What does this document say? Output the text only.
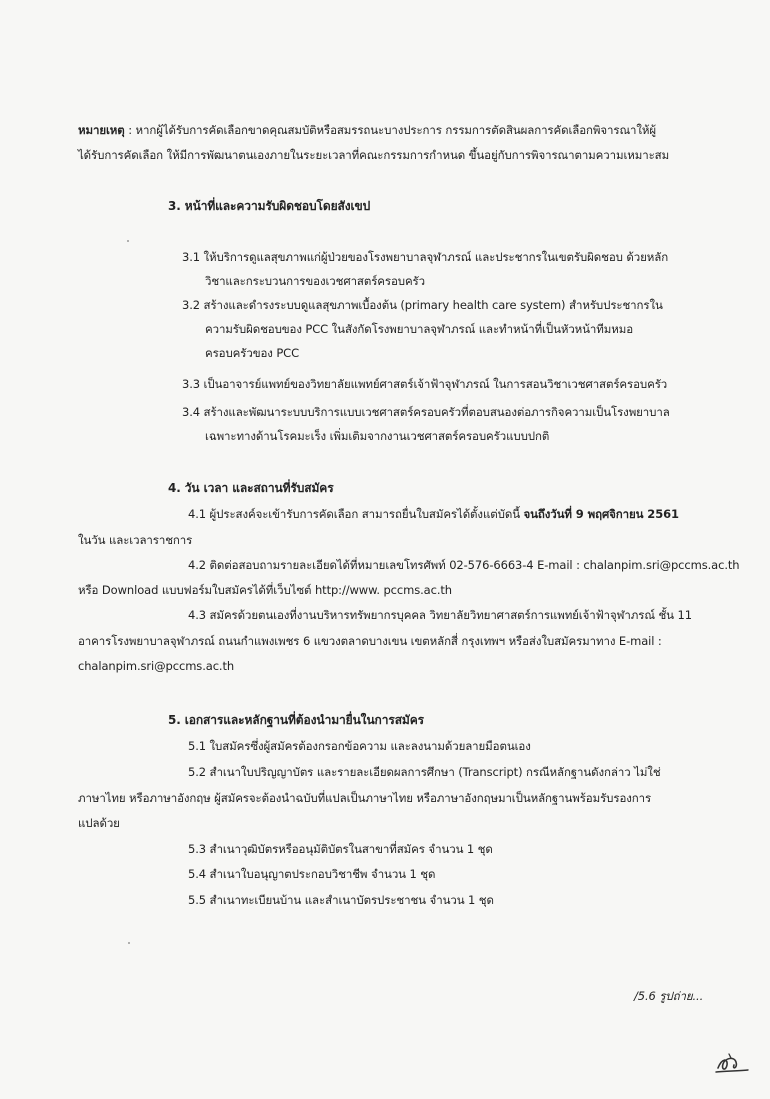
หมายเหตุ : หากผู้ได้รับการคัดเลือกขาดคุณสมบัติหรือสมรรถนะบางประการ กรรมการตัดสินผลการคัดเลือกพิจารณาให้ผู้
ได้รับการคัดเลือก ให้มีการพัฒนาตนเองภายในระยะเวลาที่คณะกรรมการกำหนด ขึ้นอยู่กับการพิจารณาตามความเหมาะสม
3. หน้าที่และความรับผิดชอบโดยสังเขป
3.1 ให้บริการดูแลสุขภาพแก่ผู้ป่วยของโรงพยาบาลจุฬาภรณ์ และประชากรในเขตรับผิดชอบ ด้วยหลัก
วิชาและกระบวนการของเวชศาสตร์ครอบครัว
3.2 สร้างและดำรงระบบดูแลสุขภาพเบื้องต้น (primary health care system) สำหรับประชากรใน
ความรับผิดชอบของ PCC ในสังกัดโรงพยาบาลจุฬาภรณ์ และทำหน้าที่เป็นหัวหน้าทีมหมอ
ครอบครัวของ PCC
3.3 เป็นอาจารย์แพทย์ของวิทยาลัยแพทย์ศาสตร์เจ้าฟ้าจุฬาภรณ์ ในการสอนวิชาเวชศาสตร์ครอบครัว
3.4 สร้างและพัฒนาระบบบริการแบบเวชศาสตร์ครอบครัวที่ตอบสนองต่อภารกิจความเป็นโรงพยาบาล
เฉพาะทางด้านโรคมะเร็ง เพิ่มเติมจากงานเวชศาสตร์ครอบครัวแบบปกติ
4. วัน เวลา และสถานที่รับสมัคร
4.1 ผู้ประสงค์จะเข้ารับการคัดเลือก สามารถยื่นใบสมัครได้ตั้งแต่บัดนี้ จนถึงวันที่ 9 พฤศจิกายน 2561
ในวัน และเวลาราชการ
4.2 ติดต่อสอบถามรายละเอียดได้ที่หมายเลขโทรศัพท์ 02-576-6663-4 E-mail : chalanpim.sri@pccms.ac.th
หรือ Download แบบฟอร์มใบสมัครได้ที่เว็บไซต์ http://www. pccms.ac.th
4.3 สมัครด้วยตนเองที่งานบริหารทรัพยากรบุคคล วิทยาลัยวิทยาศาสตร์การแพทย์เจ้าฟ้าจุฬาภรณ์ ชั้น 11
อาคารโรงพยาบาลจุฬาภรณ์ ถนนกำแพงเพชร 6 แขวงตลาดบางเขน เขตหลักสี่ กรุงเทพฯ หรือส่งใบสมัครมาทาง E-mail :
chalanpim.sri@pccms.ac.th
5. เอกสารและหลักฐานที่ต้องนำมายื่นในการสมัคร
5.1 ใบสมัครซึ่งผู้สมัครต้องกรอกข้อความ และลงนามด้วยลายมือตนเอง
5.2 สำเนาใบปริญญาบัตร และรายละเอียดผลการศึกษา (Transcript) กรณีหลักฐานดังกล่าว ไม่ใช่
ภาษาไทย หรือภาษาอังกฤษ ผู้สมัครจะต้องนำฉบับที่แปลเป็นภาษาไทย หรือภาษาอังกฤษมาเป็นหลักฐานพร้อมรับรองการ
แปลด้วย
5.3 สำเนาวุฒิบัตรหรืออนุมัติบัตรในสาขาที่สมัคร จำนวน 1 ชุด
5.4 สำเนาใบอนุญาตประกอบวิชาชีพ จำนวน 1 ชุด
5.5 สำเนาทะเบียนบ้าน และสำเนาบัตรประชาชน จำนวน 1 ชุด
/5.6 รูปถ่าย...
